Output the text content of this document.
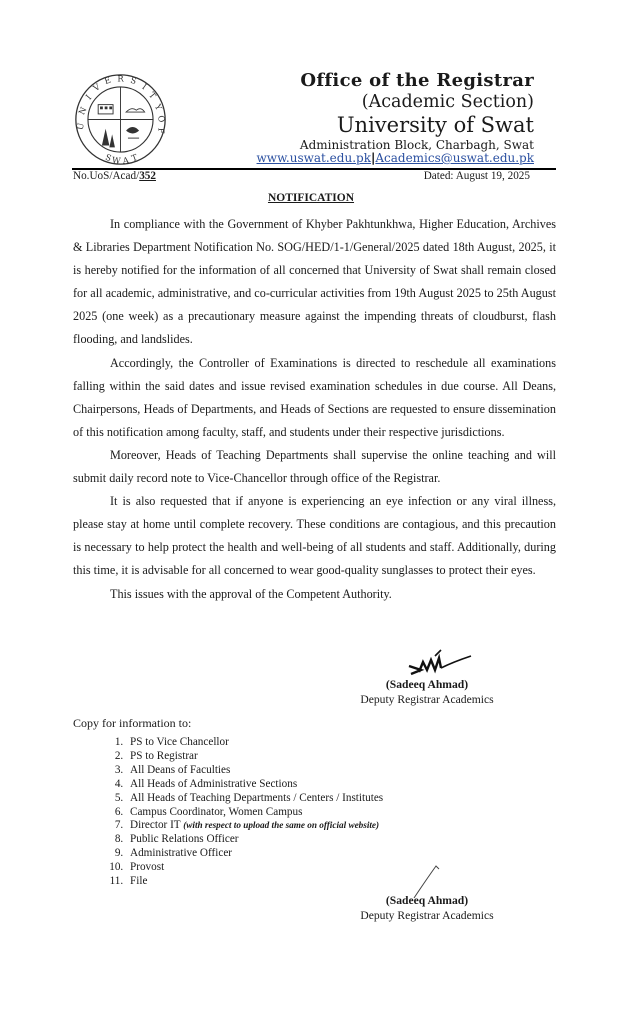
U
N
I
V
E R S
I
T
Y
O
F
S
W A T
Office of the Registrar
(Academic Section)
University of Swat
Administration Block, Charbagh, Swat
www.uswat.edu.pk|Academics@uswat.edu.pk
No.UoS/Acad/352	Dated: August 19, 2025
NOTIFICATION

In compliance with the Government of Khyber Pakhtunkhwa, Higher Education, Archives & Libraries Department Notification No. SOG/HED/1-1/General/2025 dated 18th August, 2025, it is hereby notified for the information of all concerned that University of Swat shall remain closed for all academic, administrative, and co-curricular activities from 19th August 2025 to 25th August 2025 (one week) as a precautionary measure against the impending threats of cloudburst, flash flooding, and landslides.

Accordingly, the Controller of Examinations is directed to reschedule all examinations falling within the said dates and issue revised examination schedules in due course. All Deans, Chairpersons, Heads of Departments, and Heads of Sections are requested to ensure dissemination of this notification among faculty, staff, and students under their respective jurisdictions.

Moreover, Heads of Teaching Departments shall supervise the online teaching and will submit daily record note to Vice-Chancellor through office of the Registrar.

It is also requested that if anyone is experiencing an eye infection or any viral illness, please stay at home until complete recovery. These conditions are contagious, and this precaution is necessary to help protect the health and well-being of all students and staff. Additionally, during this time, it is advisable for all concerned to wear good-quality sunglasses to protect their eyes.

This issues with the approval of the Competent Authority.

(Sadeeq Ahmad)
Deputy Registrar Academics
Copy for information to:
1. PS to Vice Chancellor
2. PS to Registrar
3. All Deans of Faculties
4. All Heads of Administrative Sections
5. All Heads of Teaching Departments / Centers / Institutes
6. Campus Coordinator, Women Campus
7. Director IT (with respect to upload the same on official website)
8. Public Relations Officer
9. Administrative Officer
10. Provost
11. File
(Sadeeq Ahmad)
Deputy Registrar Academics
